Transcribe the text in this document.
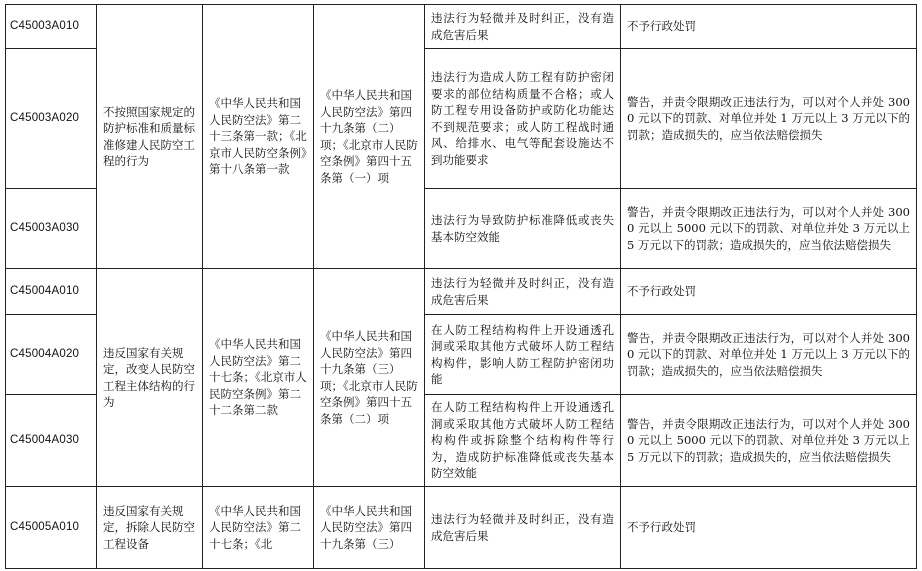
C45003A010	不按照国家规定的防护标准和质量标准修建人民防空工程的行为	《中华人民共和国人民防空法》第二十三条第一款；《北京市人民防空条例》第十八条第一款	《中华人民共和国人民防空法》第四十九条第（二）项；《北京市人民防空条例》第四十五条第（一）项	违法行为轻微并及时纠正，没有造成危害后果	不予行政处罚
C45003A020				违法行为造成人防工程有防护密闭要求的部位结构质量不合格；或人防工程专用设备防护或防化功能达不到规范要求；或人防工程战时通风、给排水、电气等配套设施达不到功能要求	警告，并责令限期改正违法行为，可以对个人并处 3000 元以下的罚款、对单位并处 1 万元以上 3 万元以下的罚款；造成损失的，应当依法赔偿损失
C45003A030				违法行为导致防护标准降低或丧失基本防空效能	警告，并责令限期改正违法行为，可以对个人并处 3000 元以上 5000 元以下的罚款、对单位并处 3 万元以上 5 万元以下的罚款；造成损失的，应当依法赔偿损失
C45004A010	违反国家有关规定，改变人民防空工程主体结构的行为	《中华人民共和国人民防空法》第二十七条；《北京市人民防空条例》第二十二条第二款	《中华人民共和国人民防空法》第四十九条第（三）项；《北京市人民防空条例》第四十五条第（二）项	违法行为轻微并及时纠正，没有造成危害后果	不予行政处罚
C45004A020				在人防工程结构构件上开设通透孔洞或采取其他方式破坏人防工程结构构件，影响人防工程防护密闭功能	警告，并责令限期改正违法行为，可以对个人并处 3000 元以下的罚款、对单位并处 1 万元以上 3 万元以下的罚款；造成损失的，应当依法赔偿损失
C45004A030				在人防工程结构构件上开设通透孔洞或采取其他方式破坏人防工程结构构件或拆除整个结构构件等行为，造成防护标准降低或丧失基本防空效能	警告，并责令限期改正违法行为，可以对个人并处 3000 元以上 5000 元以下的罚款、对单位并处 3 万元以上 5 万元以下的罚款；造成损失的，应当依法赔偿损失
C45005A010	违反国家有关规定，拆除人民防空工程设备	《中华人民共和国人民防空法》第二十七条；《北	《中华人民共和国人民防空法》第四十九条第（三）	违法行为轻微并及时纠正，没有造成危害后果	不予行政处罚
